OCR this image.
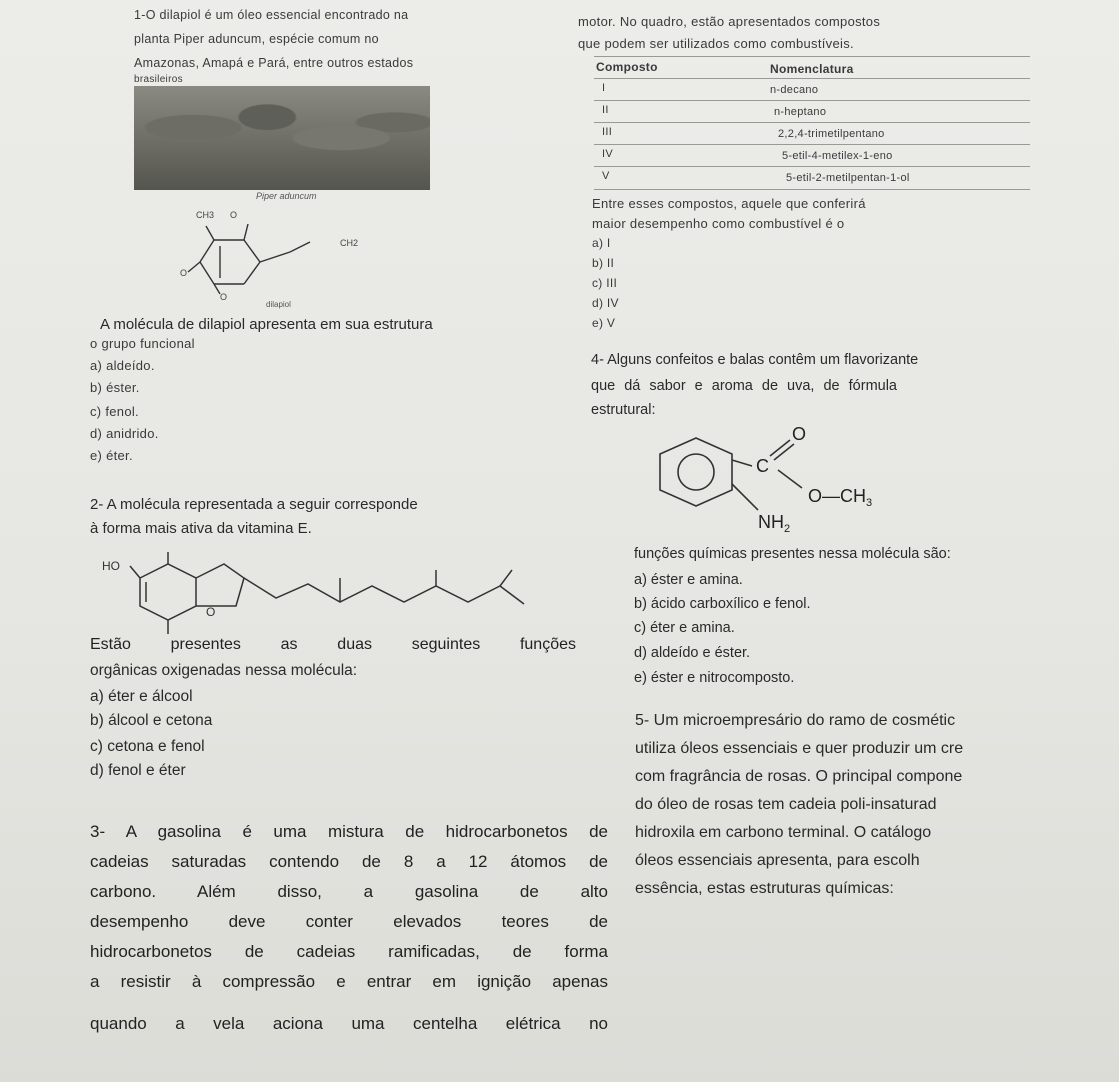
1-O dilapiol é um óleo essencial encontrado na
planta Piper aduncum, espécie comum no
Amazonas, Amapá e Pará, entre outros estados
brasileiros
Piper aduncum
CH3 O
CH2
O
O
dilapiol
A molécula de dilapiol apresenta em sua estrutura
o grupo funcional
a) aldeído.
b) éster.
c) fenol.
d) anidrido.
e) éter.
motor. No quadro, estão apresentados compostos
que podem ser utilizados como combustíveis.
Composto	Nomenclatura
I	n-decano
II	n-heptano
III	2,2,4-trimetilpentano
IV	5-etil-4-metilex-1-eno
V	5-etil-2-metilpentan-1-ol
Entre esses compostos, aquele que conferirá
maior desempenho como combustível é o
a) I
b) II
c) III
d) IV
e) V
4- Alguns confeitos e balas contêm um flavorizante
que dá sabor e aroma de uva, de fórmula
estrutural:
C
O
$O—CH_3$
$NH_2$
funções químicas presentes nessa molécula são:
a) éster e amina.
b) ácido carboxílico e fenol.
c) éter e amina.
d) aldeído e éster.
e) éster e nitrocomposto.
2- A molécula representada a seguir corresponde
à forma mais ativa da vitamina E.
HO
O
Estão presentes as duas seguintes funções
orgânicas oxigenadas nessa molécula:
a) éter e álcool
b) álcool e cetona
c) cetona e fenol
d) fenol e éter
5- Um microempresário do ramo de cosmétic
utiliza óleos essenciais e quer produzir um cre
com fragrância de rosas. O principal compone
do óleo de rosas tem cadeia poli-insaturad
hidroxila em carbono terminal. O catálogo
óleos essenciais apresenta, para escolh
essência, estas estruturas químicas:
3- A gasolina é uma mistura de hidrocarbonetos de
cadeias saturadas contendo de 8 a 12 átomos de
carbono. Além disso, a gasolina de alto
desempenho deve conter elevados teores de
hidrocarbonetos de cadeias ramificadas, de forma
a resistir à compressão e entrar em ignição apenas
quando a vela aciona uma centelha elétrica no
